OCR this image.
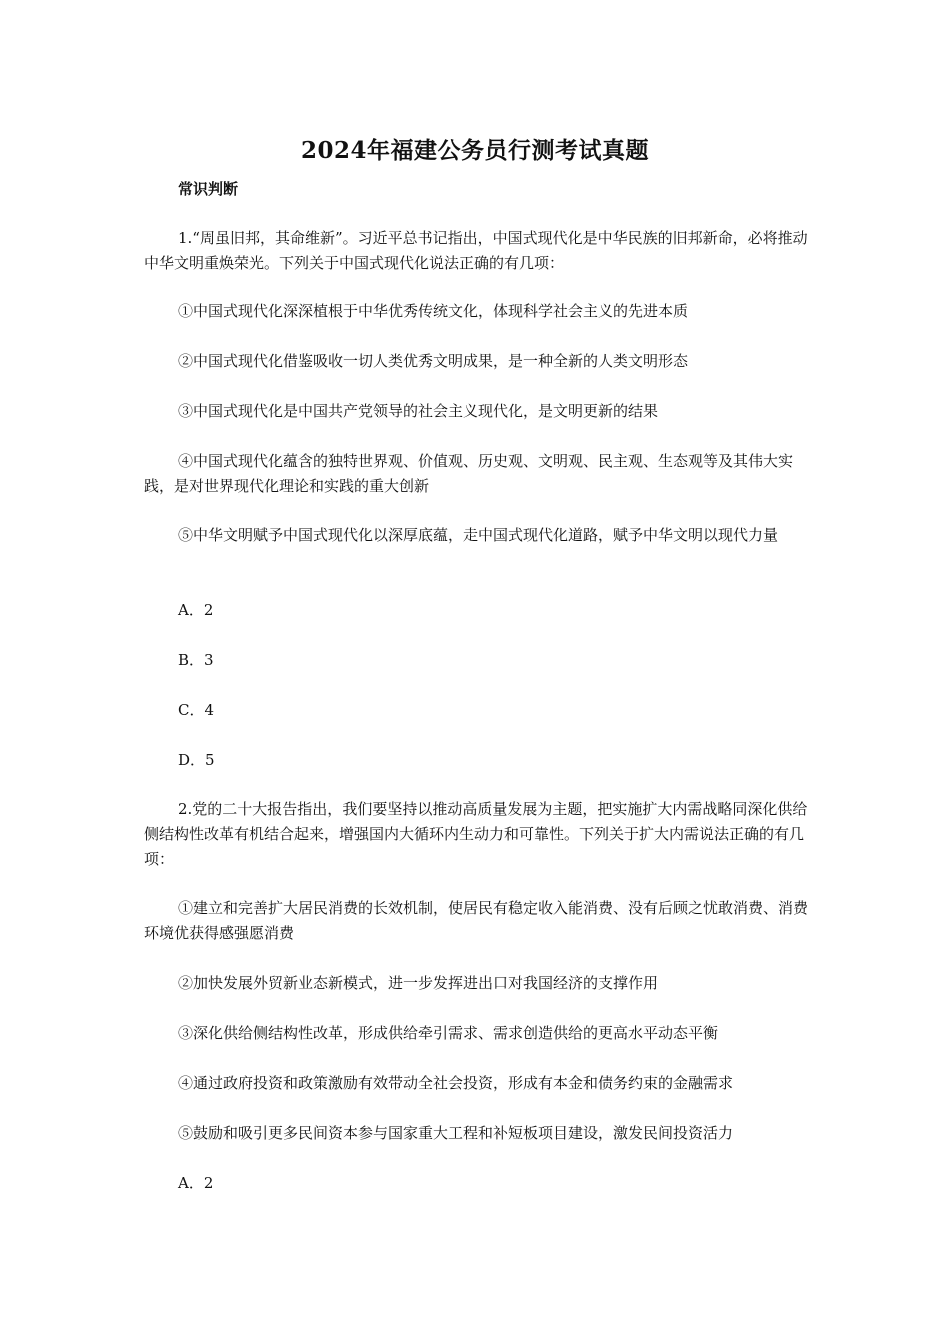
2024年福建公务员行测考试真题

常识判断

1.“周虽旧邦，其命维新”。习近平总书记指出，中国式现代化是中华民族的旧邦新命，必将推动中华文明重焕荣光。下列关于中国式现代化说法正确的有几项：

①中国式现代化深深植根于中华优秀传统文化，体现科学社会主义的先进本质

②中国式现代化借鉴吸收一切人类优秀文明成果，是一种全新的人类文明形态

③中国式现代化是中国共产党领导的社会主义现代化，是文明更新的结果

④中国式现代化蕴含的独特世界观、价值观、历史观、文明观、民主观、生态观等及其伟大实践，是对世界现代化理论和实践的重大创新

⑤中华文明赋予中国式现代化以深厚底蕴，走中国式现代化道路，赋予中华文明以现代力量

A．2

B．3

C．4

D．5

2.党的二十大报告指出，我们要坚持以推动高质量发展为主题，把实施扩大内需战略同深化供给侧结构性改革有机结合起来，增强国内大循环内生动力和可靠性。下列关于扩大内需说法正确的有几项：

①建立和完善扩大居民消费的长效机制，使居民有稳定收入能消费、没有后顾之忧敢消费、消费环境优获得感强愿消费

②加快发展外贸新业态新模式，进一步发挥进出口对我国经济的支撑作用

③深化供给侧结构性改革，形成供给牵引需求、需求创造供给的更高水平动态平衡

④通过政府投资和政策激励有效带动全社会投资，形成有本金和债务约束的金融需求

⑤鼓励和吸引更多民间资本参与国家重大工程和补短板项目建设，激发民间投资活力

A．2
